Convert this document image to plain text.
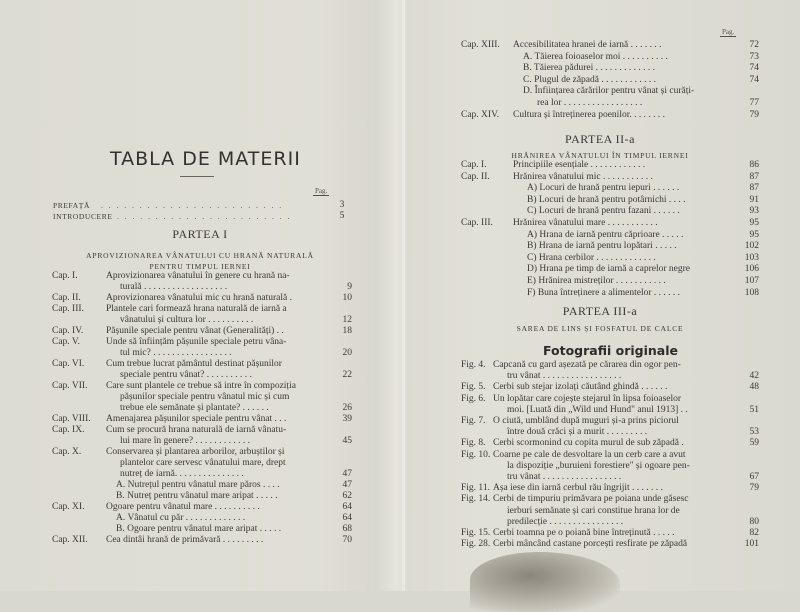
TABLA DE MATERII
Pag.
PREFAȚĂ . . . . . . . . . . . . . . . . . . . . . . . .	3
INTRODUCERE . . . . . . . . . . . . . . . . . . . . . . .	5
PARTEA I
APROVIZIONAREA VÂNATULUI CU HRANĂ NATURALĂ
PENTRU TIMPUL IERNEI
Cap. I.	Aprovizionarea vânatului în genere cu hrană na-
turală . . . . . . . . . . . . . . . . . .	9
Cap. II.	Aprovizionarea vânatului mic cu hrană naturală .	10
Cap. III. Plantele cari formează hrana naturală de iarnă a
vânatului și cultura lor . . . . . . . . . .	12
Cap. IV. Pășunile speciale pentru vânat (Generalități) . .	18
Cap. V.	Unde să înființăm pășunile speciale petru vâna-
tul mic? . . . . . . . . . . . . . . . . .	20
Cap. VI. Cum trebue lucrat pământul destinat pășunilor
speciale pentru vânat? . . . . . . . . . .	22
Cap. VII. Care sunt plantele ce trebue să intre în compoziția
pășunilor speciale pentru vânatul mic și cum
trebue ele semănate și plantate? . . . . . .	26
Cap. VIII. Amenajarea pășunilor speciale pentru vânat . . .	39
Cap. IX. Cum se procură hrana naturală de iarnă vânatu-
lui mare în genere? . . . . . . . . . . . .	45
Cap. X.	Conservarea și plantarea arborilor, arbuștilor și
plantelor care servesc vânatului mare, drept
nutreț de iarnă. . . . . . . . . . . . . . .	47
A. Nutrețul pentru vânatul mare păros . . . .	47
B. Nutreț pentru vânatul mare aripat . . . . .	62
Cap. XI. Ogoare pentru vânatul mare . . . . . . . . . .	64
A. Vânatul cu păr . . . . . . . . . . . . .	64
B. Ogoare pentru vânatul mare aripat . . . . .	68
Cap. XII. Cea dintâi hrană de primăvară . . . . . . . . .	70
Pag.
Cap. XIII. Accesibilitatea hranei de iarnă . . . . . . .	72
A. Tăierea foioaselor moi . . . . . . . . . .	73
B. Tăierea pădurei . . . . . . . . . . . . .	74
C. Plugul de zăpadă . . . . . . . . . . . .	74
D. Înființarea cărărilor pentru vânat și curăți-
rea lor . . . . . . . . . . . . . . . . .	77
Cap. XIV. Cultura și întreținerea poenilor. . . . . . . .	79
PARTEA II-a
HRĂNIREA VÂNATULUI ÎN TIMPUL IERNEI
Cap. I.	Principiile esențiale . . . . . . . . . . . .	86
Cap. II. Hrănirea vânatului mic . . . . . . . . . . .	87
A) Locuri de hrană pentru iepuri . . . . . .	87
B) Locuri de hrană pentru potârnichi . . . .	91
C) Locuri de hrană pentru fazani . . . . . .	93
Cap. III. Hrănirea vânatului mare . . . . . . . . . . .	95
A) Hrana de iarnă pentru căprioare . . . . .	95
B) Hrana de iarnă pentru lopătari . . . . .	102
C) Hrana cerbilor . . . . . . . . . . . . .	103
D) Hrana pe timp de iarnă a caprelor negre	106
E) Hrănirea mistreților . . . . . . . . . . .	107
F) Buna întreținere a alimentelor . . . . . .	108
PARTEA III-a
SAREA DE LINS ȘI FOSFATUL DE CALCE
Fotografii originale
Fig. 4. Capcană cu gard așezată pe cărarea din ogor pen-
tru vânat . . . . . . . . . . . . . . . . .	42
Fig. 5. Cerbi sub stejar izolați căutând ghindă . . . . . .	48
Fig. 6. Un lopătar care cojește stejarul în lipsa foioaselor
moi. [Luată din „Wild und Hund" anul 1913] . .	51
Fig. 7. O ciută, umblând după muguri și-a prins piciorul
între două crăci și a murit . . . . . . . . .	53
Fig. 8. Cerbi scormonind cu copita murul de sub zăpadă .	59
Fig. 10. Coarne pe cale de desvoltare la un cerb care a avut
la dispoziție „buruieni forestiere" și ogoare pen-
tru vânat . . . . . . . . . . . . . . . . .	67
Fig. 11. Așa iese din iarnă cerbul rău îngrijit . . . . . . .	79
Fig. 14. Cerbi de timpuriu primăvara pe poiana unde găsesc
ierburi semănate și cari constitue hrana lor de
predilecție . . . . . . . . . . . . . . . .	80
Fig. 15. Cerbi toamna pe o poiană bine întreținută . . . . .	82
Fig. 28. Cerbi mâncând castane porcești resfirate pe zăpadă	101
